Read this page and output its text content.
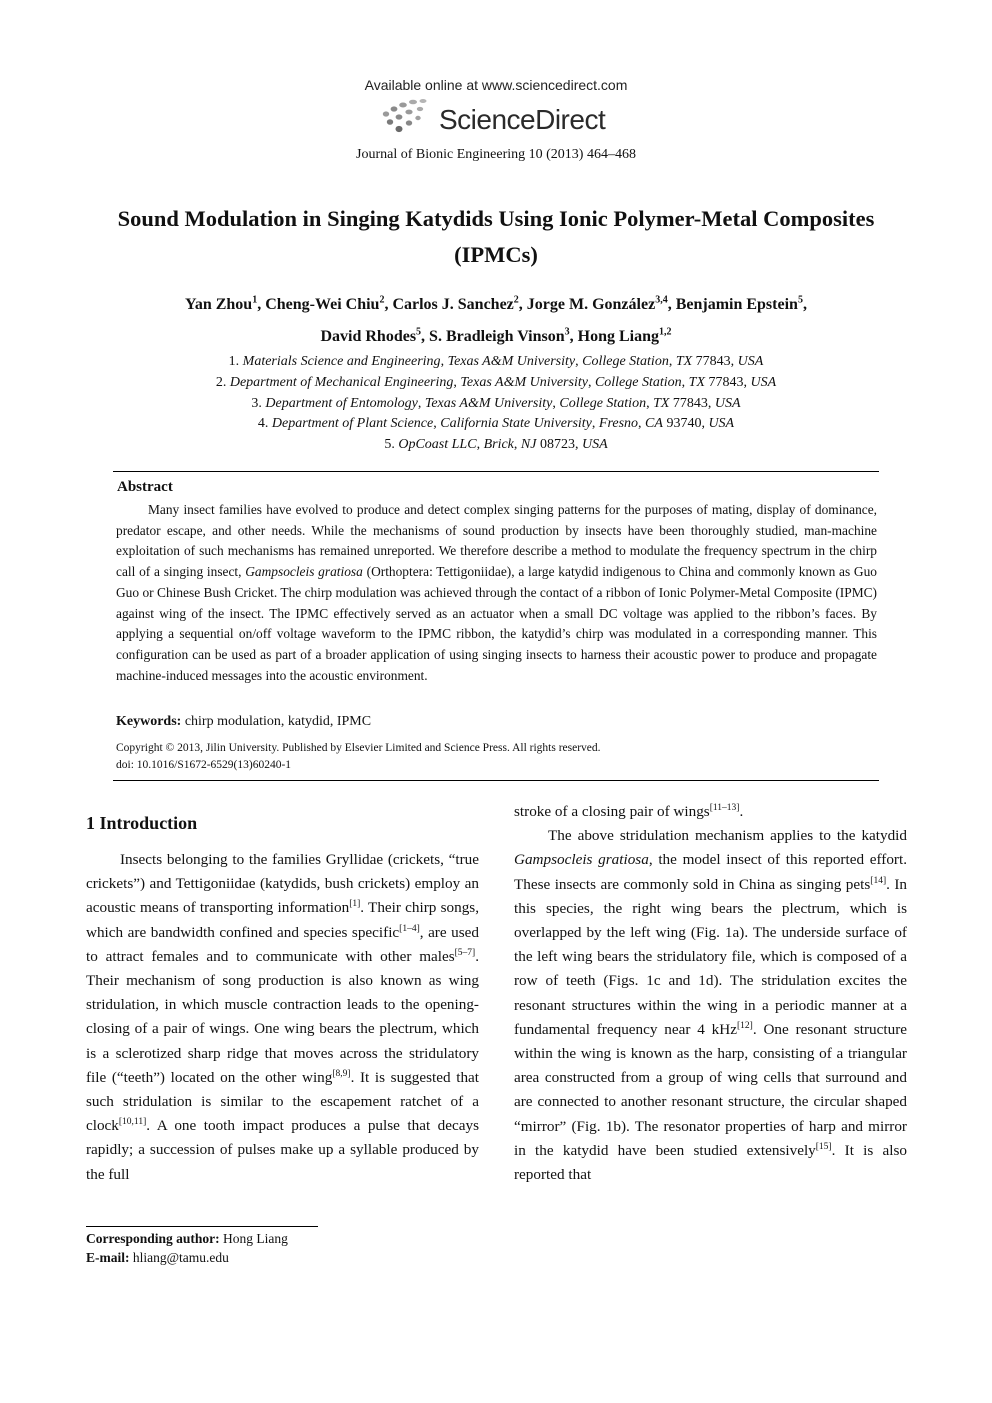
Available online at www.sciencedirect.com
ScienceDirect
Journal of Bionic Engineering 10 (2013) 464–468
Sound Modulation in Singing Katydids Using Ionic Polymer-Metal Composites (IPMCs)
Yan Zhou$^1$, Cheng-Wei Chiu$^2$, Carlos J. Sanchez$^2$, Jorge M. González$^{3,4}$, Benjamin Epstein$^5$,
David Rhodes$^5$, S. Bradleigh Vinson$^3$, Hong Liang$^{1,2}$
1. Materials Science and Engineering, Texas A&M University, College Station, TX 77843, USA
2. Department of Mechanical Engineering, Texas A&M University, College Station, TX 77843, USA
3. Department of Entomology, Texas A&M University, College Station, TX 77843, USA
4. Department of Plant Science, California State University, Fresno, CA 93740, USA
5. OpCoast LLC, Brick, NJ 08723, USA
Abstract
Many insect families have evolved to produce and detect complex singing patterns for the purposes of mating, display of dominance, predator escape, and other needs. While the mechanisms of sound production by insects have been thoroughly studied, man-machine exploitation of such mechanisms has remained unreported. We therefore describe a method to modulate the frequency spectrum in the chirp call of a singing insect, Gampsocleis gratiosa (Orthoptera: Tettigoniidae), a large katydid indigenous to China and commonly known as Guo Guo or Chinese Bush Cricket. The chirp modulation was achieved through the contact of a ribbon of Ionic Polymer-Metal Composite (IPMC) against wing of the insect. The IPMC effectively served as an actuator when a small DC voltage was applied to the ribbon’s faces. By applying a sequential on/off voltage waveform to the IPMC ribbon, the katydid’s chirp was modulated in a corresponding manner. This configuration can be used as part of a broader application of using singing insects to harness their acoustic power to produce and propagate machine-induced messages into the acoustic environment.
Keywords: chirp modulation, katydid, IPMC
Copyright © 2013, Jilin University. Published by Elsevier Limited and Science Press. All rights reserved.
doi: 10.1016/S1672-6529(13)60240-1
1 Introduction

Insects belonging to the families Gryllidae (crickets, “true crickets”) and Tettigoniidae (katydids, bush crickets) employ an acoustic means of transporting information[1]. Their chirp songs, which are bandwidth confined and species specific[1–4], are used to attract females and to communicate with other males[5–7]. Their mechanism of song production is also known as wing stridulation, in which muscle contraction leads to the opening-closing of a pair of wings. One wing bears the plectrum, which is a sclerotized sharp ridge that moves across the stridulatory file (“teeth”) located on the other wing[8,9]. It is suggested that such stridulation is similar to the escapement ratchet of a clock[10,11]. A one tooth impact produces a pulse that decays rapidly; a succession of pulses make up a syllable produced by the full

stroke of a closing pair of wings[11–13].

The above stridulation mechanism applies to the katydid Gampsocleis gratiosa, the model insect of this reported effort. These insects are commonly sold in China as singing pets[14]. In this species, the right wing bears the plectrum, which is overlapped by the left wing (Fig. 1a). The underside surface of the left wing bears the stridulatory file, which is composed of a row of teeth (Figs. 1c and 1d). The stridulation excites the resonant structures within the wing in a periodic manner at a fundamental frequency near 4 kHz[12]. One resonant structure within the wing is known as the harp, consisting of a triangular area constructed from a group of wing cells that surround and are connected to another resonant structure, the circular shaped “mirror” (Fig. 1b). The resonator properties of harp and mirror in the katydid have been studied extensively[15]. It is also reported that

Corresponding author: Hong Liang
E-mail: hliang@tamu.edu
